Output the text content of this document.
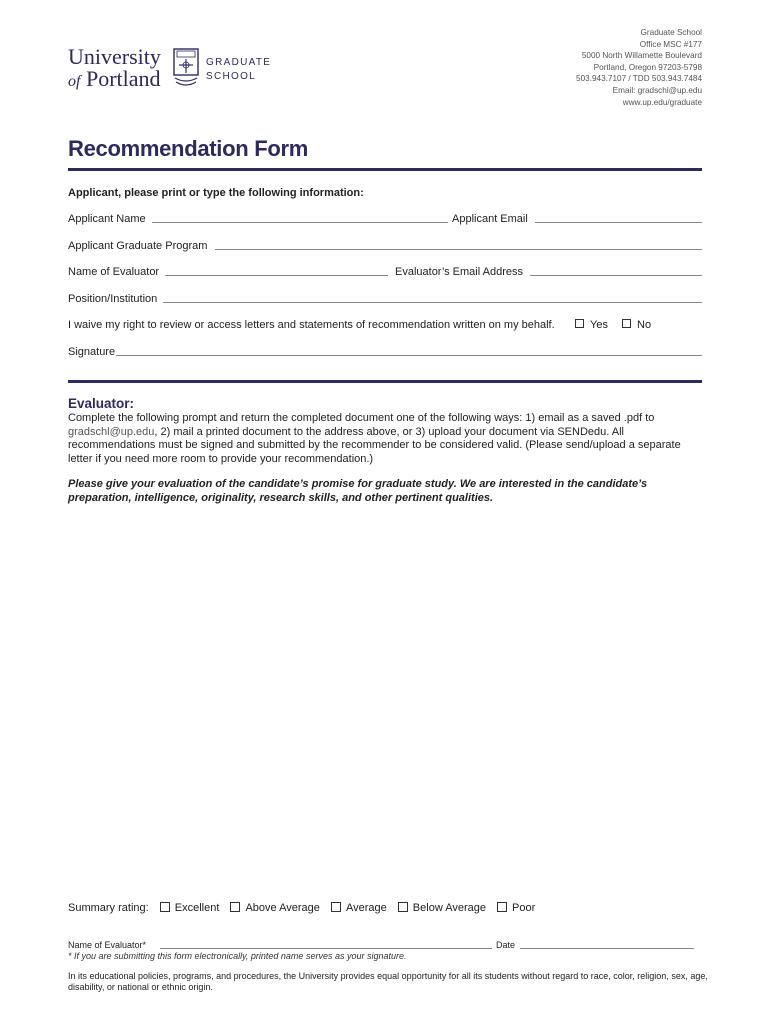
University
of Portland
GRADUATE
SCHOOL
Graduate School
Office MSC #177
5000 North Willamette Boulevard
Portland, Oregon 97203-5798
503.943.7107 / TDD 503.943.7484
Email: gradschl@up.edu
www.up.edu/graduate
Recommendation Form
Applicant, please print or type the following information:
Applicant Name	Applicant Email
Applicant Graduate Program
Name of Evaluator	Evaluator’s Email Address
Position/Institution
I waive my right to review or access letters and statements of recommendation written on my behalf.	Yes	No
Signature
Evaluator:
Complete the following prompt and return the completed document one of the following ways: 1) email as a saved .pdf to gradschl@up.edu, 2) mail a printed document to the address above, or 3) upload your document via SENDedu. All recommendations must be signed and submitted by the recommender to be considered valid. (Please send/upload a separate letter if you need more room to provide your recommendation.)
Please give your evaluation of the candidate’s promise for graduate study. We are interested in the candidate’s preparation, intelligence, originality, research skills, and other pertinent qualities.
Summary rating: Excellent Above Average Average Below Average Poor
Name of Evaluator*	Date
* If you are submitting this form electronically, printed name serves as your signature.
In its educational policies, programs, and procedures, the University provides equal opportunity for all its students without regard to race, color, religion, sex, age, disability, or national or ethnic origin.
